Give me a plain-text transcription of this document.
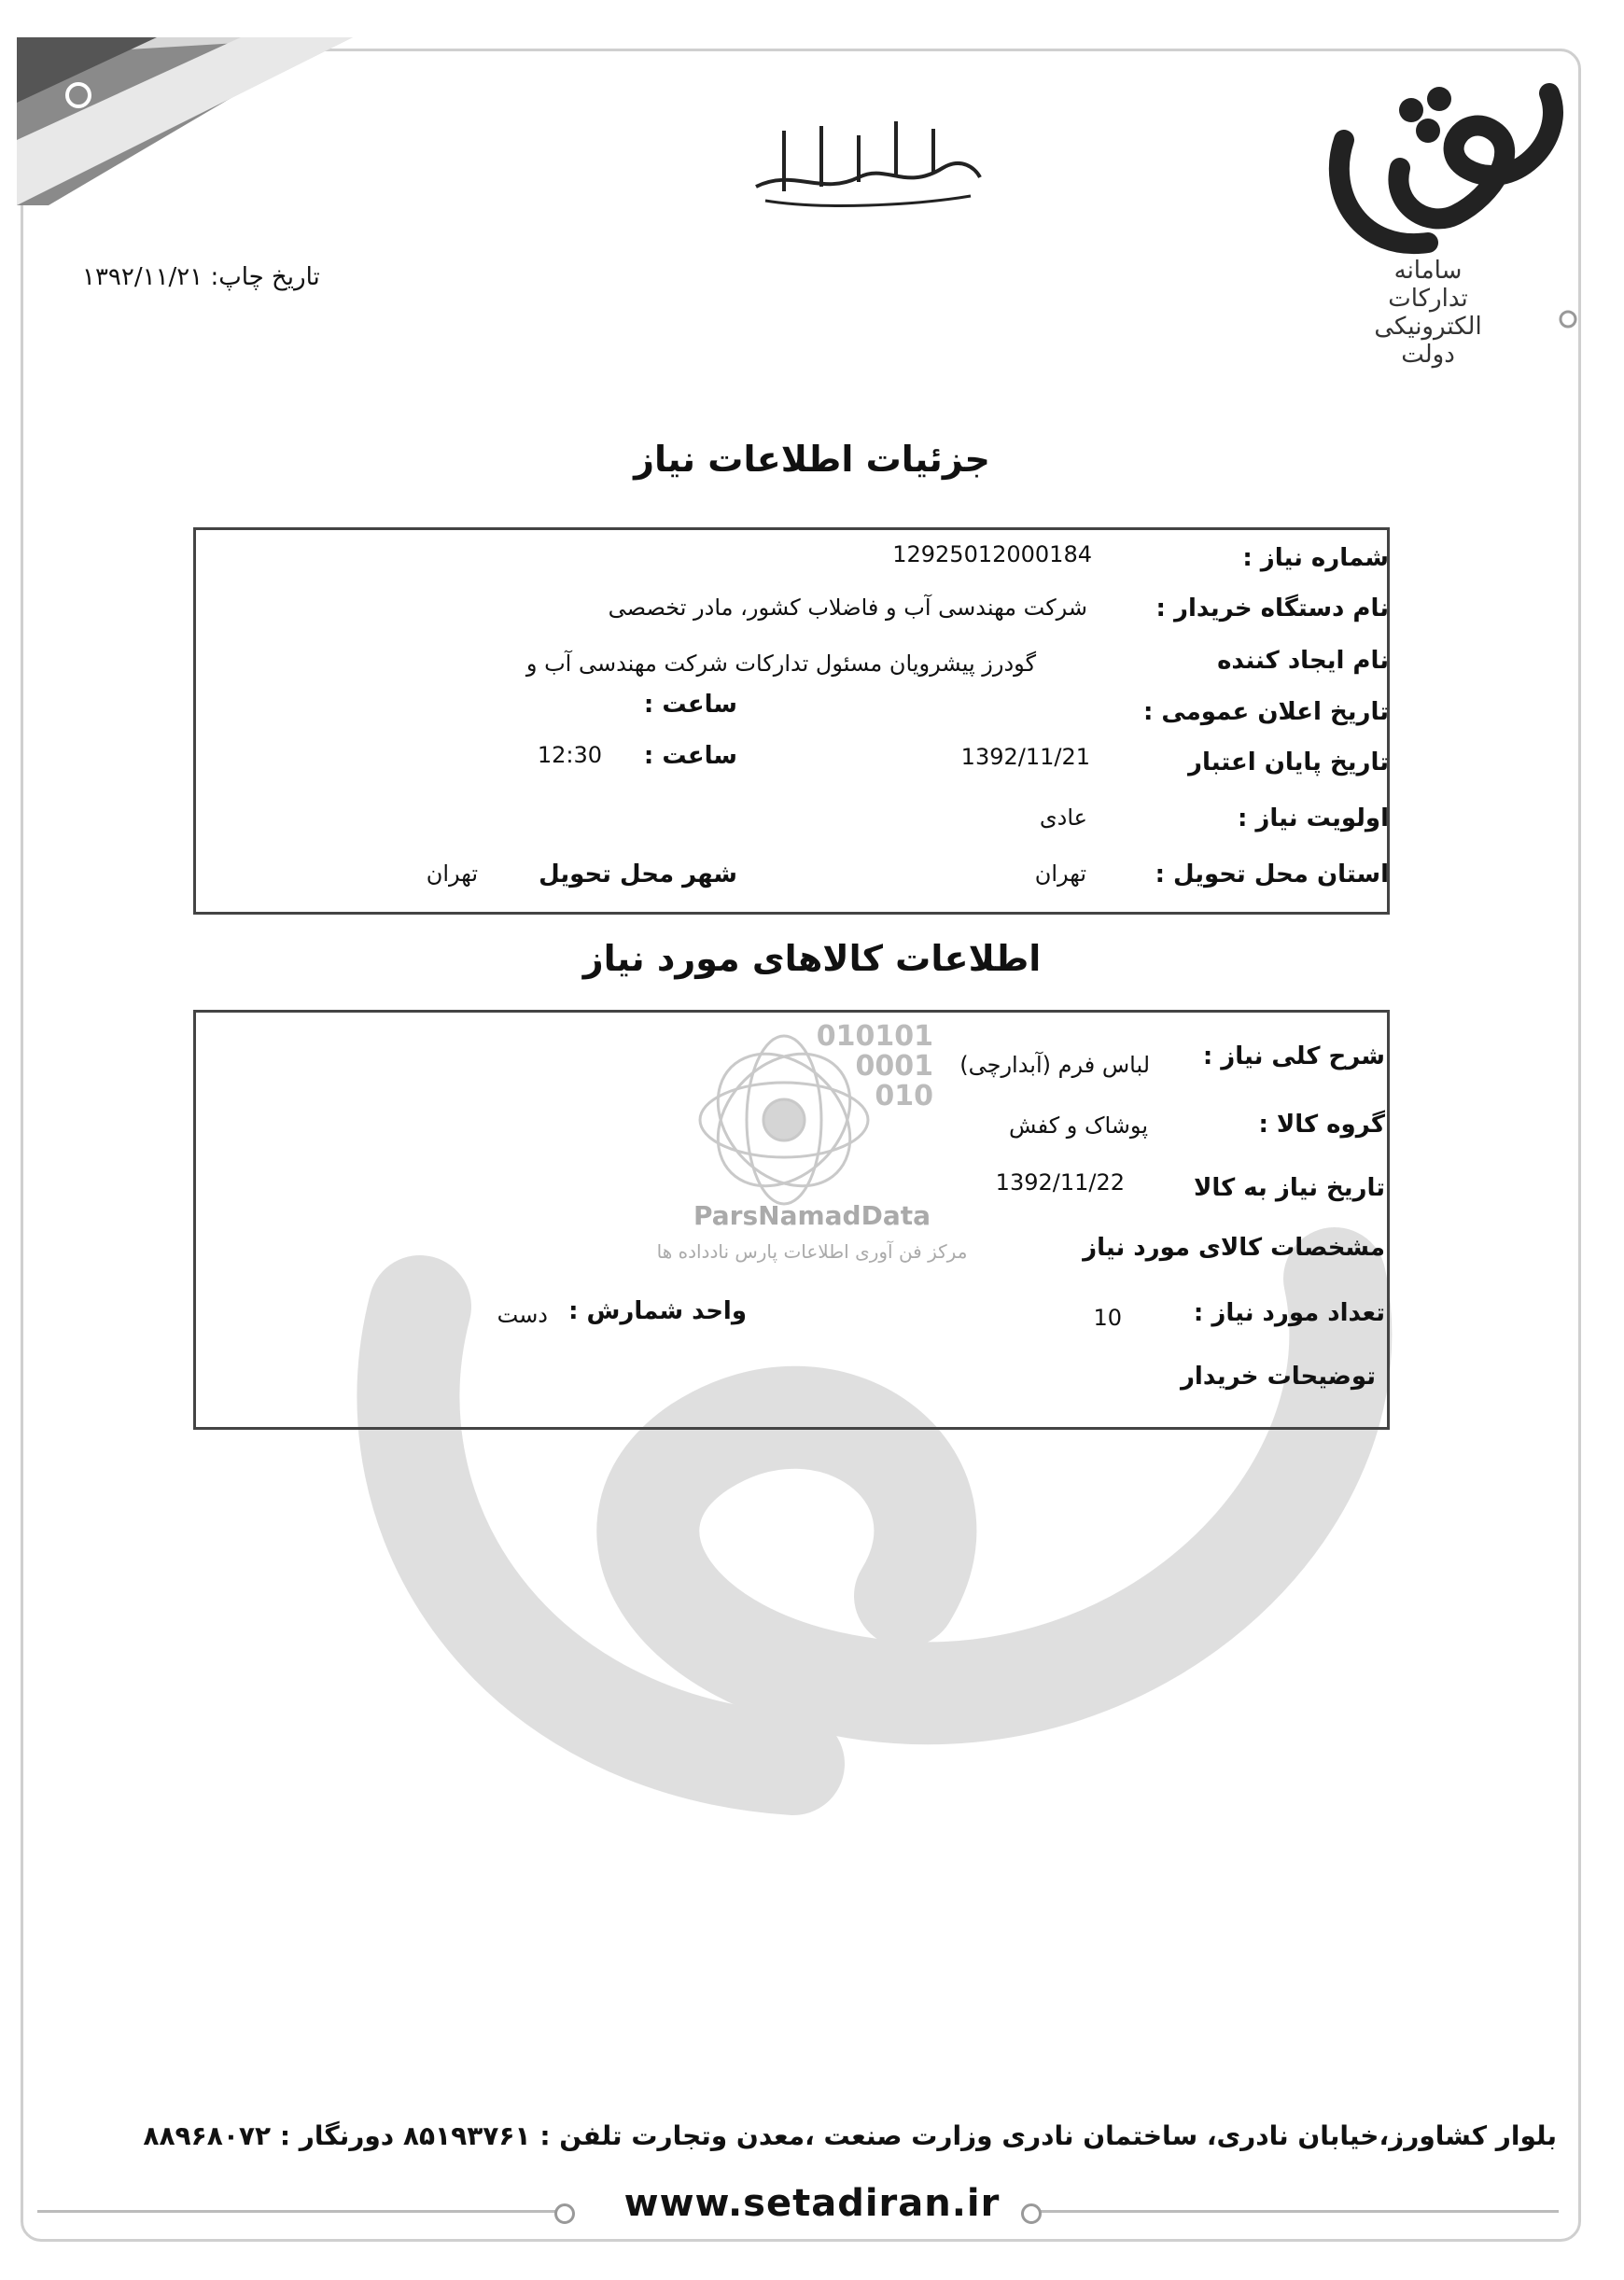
سامانه
تدارکات
الکترونیکی
دولت
تاریخ چاپ: ۱۳۹۲/۱۱/۲۱
جزئیات اطلاعات نیاز
شماره نیاز :
12925012000184
نام دستگاه خریدار :
شرکت مهندسی آب و فاضلاب کشور، مادر تخصصی
نام ایجاد کننده
گودرز پیشرویان مسئول تدارکات شرکت مهندسی آب و
تاریخ اعلان عمومی :
ساعت :
تاریخ پایان اعتبار
1392/11/21
ساعت :
12:30
اولویت نیاز :
عادی
استان محل تحویل :
تهران
شهر محل تحویل
تهران
اطلاعات کالاهای مورد نیاز
010101
0001
010
ParsNamadData
مرکز فن آوری اطلاعات پارس نادداده ها
شرح کلی نیاز :
لباس فرم (آبدارچی)
گروه کالا :
پوشاک و کفش
تاریخ نیاز به کالا
1392/11/22
مشخصات کالای مورد نیاز
تعداد مورد نیاز :
10
واحد شمارش :
دست
توضیحات خریدار
بلوار کشاورز،خیابان نادری، ساختمان نادری وزارت صنعت ،معدن وتجارت تلفن : ۸۵۱۹۳۷۶۱ دورنگار : ۸۸۹۶۸۰۷۲
www.setadiran.ir
